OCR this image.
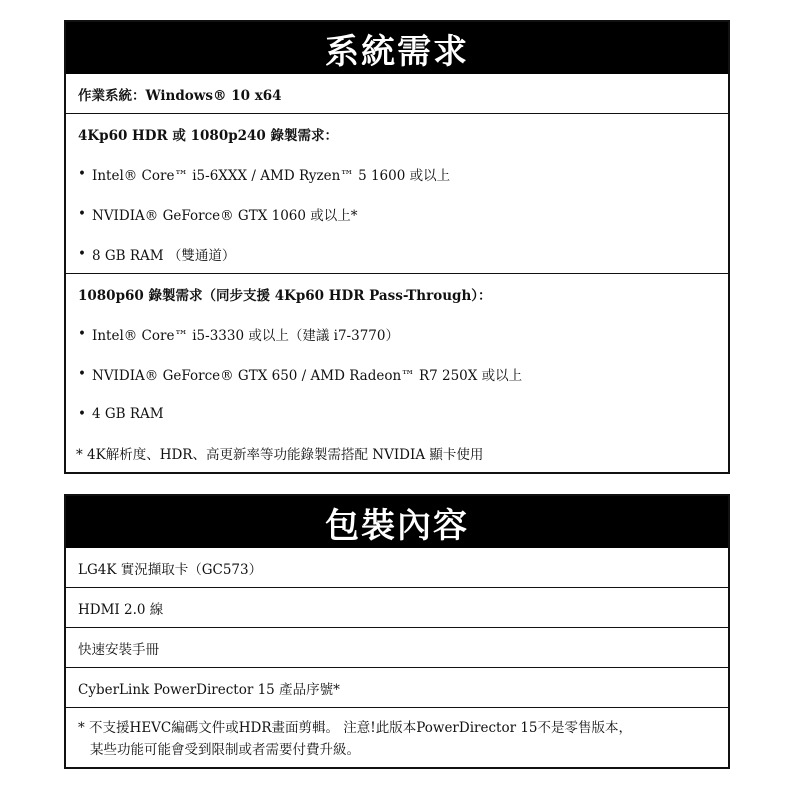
系統需求
作業系統：Windows® 10 x64
4Kp60 HDR 或 1080p240 錄製需求：
• Intel® Core™ i5-6XXX / AMD Ryzen™ 5 1600 或以上
• NVIDIA® GeForce® GTX 1060 或以上*
• 8 GB RAM （雙通道）
1080p60 錄製需求（同步支援 4Kp60 HDR Pass-Through）：
• Intel® Core™ i5-3330 或以上（建議 i7-3770）
• NVIDIA® GeForce® GTX 650 / AMD Radeon™ R7 250X 或以上
• 4 GB RAM
* 4K解析度、HDR、高更新率等功能錄製需搭配 NVIDIA 顯卡使用
包裝內容
LG4K 實況擷取卡（GC573）
HDMI 2.0 線
快速安裝手冊
CyberLink PowerDirector 15 產品序號*
* 不支援HEVC編碼文件或HDR畫面剪輯。 注意!此版本PowerDirector 15不是零售版本，
某些功能可能會受到限制或者需要付費升級。
